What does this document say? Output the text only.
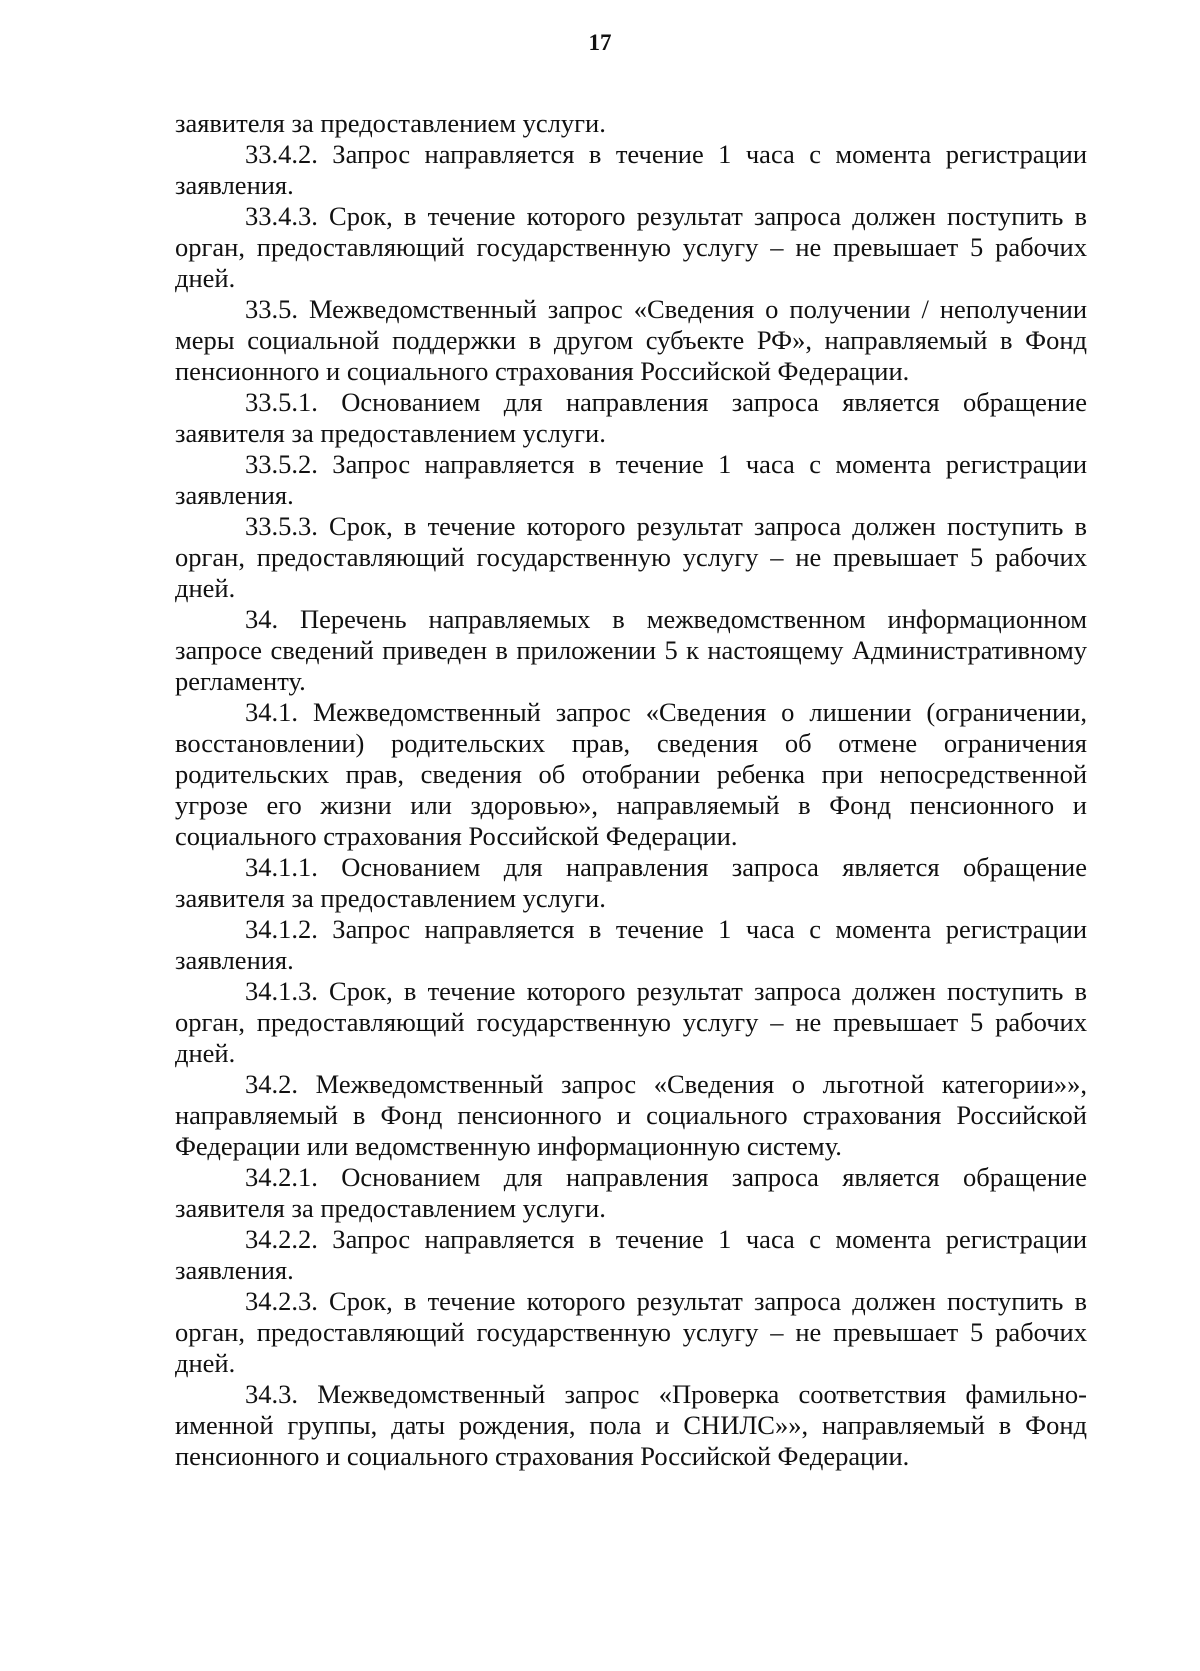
17

заявителя за предоставлением услуги.

33.4.2. Запрос направляется в течение 1 часа с момента регистрации заявления.

33.4.3. Срок, в течение которого результат запроса должен поступить в орган, предоставляющий государственную услугу – не превышает 5 рабочих дней.

33.5. Межведомственный запрос «Сведения о получении / неполучении меры социальной поддержки в другом субъекте РФ», направляемый в Фонд пенсионного и социального страхования Российской Федерации.

33.5.1. Основанием для направления запроса является обращение заявителя за предоставлением услуги.

33.5.2. Запрос направляется в течение 1 часа с момента регистрации заявления.

33.5.3. Срок, в течение которого результат запроса должен поступить в орган, предоставляющий государственную услугу – не превышает 5 рабочих дней.

34. Перечень направляемых в межведомственном информационном запросе сведений приведен в приложении 5 к настоящему Административному регламенту.

34.1. Межведомственный запрос «Сведения о лишении (ограничении, восстановлении) родительских прав, сведения об отмене ограничения родительских прав, сведения об отобрании ребенка при непосредственной угрозе его жизни или здоровью», направляемый в Фонд пенсионного и социального страхования Российской Федерации.

34.1.1. Основанием для направления запроса является обращение заявителя за предоставлением услуги.

34.1.2. Запрос направляется в течение 1 часа с момента регистрации заявления.

34.1.3. Срок, в течение которого результат запроса должен поступить в орган, предоставляющий государственную услугу – не превышает 5 рабочих дней.

34.2. Межведомственный запрос «Сведения о льготной категории»», направляемый в Фонд пенсионного и социального страхования Российской Федерации или ведомственную информационную систему.

34.2.1. Основанием для направления запроса является обращение заявителя за предоставлением услуги.

34.2.2. Запрос направляется в течение 1 часа с момента регистрации заявления.

34.2.3. Срок, в течение которого результат запроса должен поступить в орган, предоставляющий государственную услугу – не превышает 5 рабочих дней.

34.3. Межведомственный запрос «Проверка соответствия фамильно-именной группы, даты рождения, пола и СНИЛС»», направляемый в Фонд пенсионного и социального страхования Российской Федерации.
